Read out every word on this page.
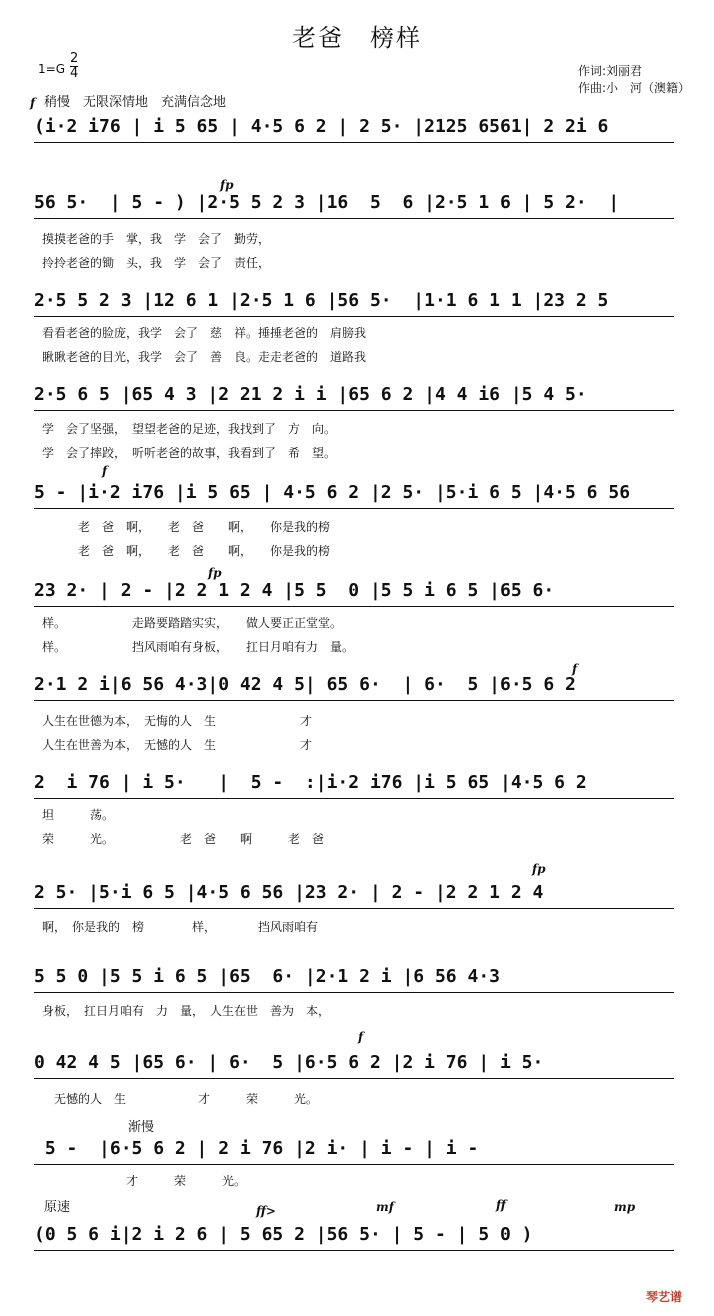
老爸　榜样
作词:刘丽君
作曲:小　河（澳籍）
$1=G \frac{2}{4}$
稍慢　无限深情地　充满信念地
渐慢
原速
(i·2 i76 | i 5 65 | 4·5 6 2 | 2 5· |2125 6561| 2 2i 6
56 5·  | 5 - ) |2·5 5 2 3 |16  5  6 |2·5 1 6 | 5 2·  |
摸摸老爸的手　掌，我　学　会了　勤劳，
拎拎老爸的锄　头，我　学　会了　责任，
2·5 5 2 3 |12 6 1 |2·5 1 6 |56 5·  |1·1 6 1 1 |23 2 5
看看老爸的脸庞，我学　会了　慈　祥。捶捶老爸的　肩膀我
瞅瞅老爸的目光，我学　会了　善　良。走走老爸的　道路我
2·5 6 5 |65 4 3 |2 21 2 i i |65 6 2 |4 4 i6 |5 4 5·
学　会了坚强，　望望老爸的足迹，我找到了　方　向。
学　会了摔跤，　听听老爸的故事，我看到了　希　望。
5 - |i·2 i76 |i 5 65 | 4·5 6 2 |2 5· |5·i 6 5 |4·5 6 56
　　　老　爸　啊，　　老　爸　　啊，　　你是我的榜
　　　老　爸　啊，　　老　爸　　啊，　　你是我的榜
23 2· | 2 - |2 2 1 2 4 |5 5  0 |5 5 i 6 5 |65 6·
样。　　　　　　走路要踏踏实实，　　做人要正正堂堂。
样。　　　　　　挡风雨咱有身板，　　扛日月咱有力　量。
2·1 2 i|6 56 4·3|0 42 4 5| 65 6·  | 6·  5 |6·5 6 2
人生在世德为本，　无悔的人　生　　　　　　　才
人生在世善为本，　无憾的人　生　　　　　　　才
2  i 76 | i 5·   |  5 -  :|i·2 i76 |i 5 65 |4·5 6 2
坦　　　荡。
荣　　　光。　　　　　　老　爸　　啊　　　老　爸
2 5· |5·i 6 5 |4·5 6 56 |23 2· | 2 - |2 2 1 2 4
啊，　你是我的　榜　　　　样，　　　　挡风雨咱有
5 5 0 |5 5 i 6 5 |65  6· |2·1 2 i |6 56 4·3
身板，　扛日月咱有　力　量，　人生在世　善为　本，
0 42 4 5 |65 6· | 6·  5 |6·5 6 2 |2 i 76 | i 5·
　无憾的人　生　　　　　　才　　　荣　　　光。
5 -  |6·5 6 2 | 2 i 76 |2 i· | i - | i -
　　　　　　　才　　　荣　　　光。
(0 5 6 i|2 i 2 6 | 5 65 2 |56 5· | 5 - | 5 0 )
f
fp
f
fp
f
fp
f
ff>	mf	ff	mp
琴艺谱
